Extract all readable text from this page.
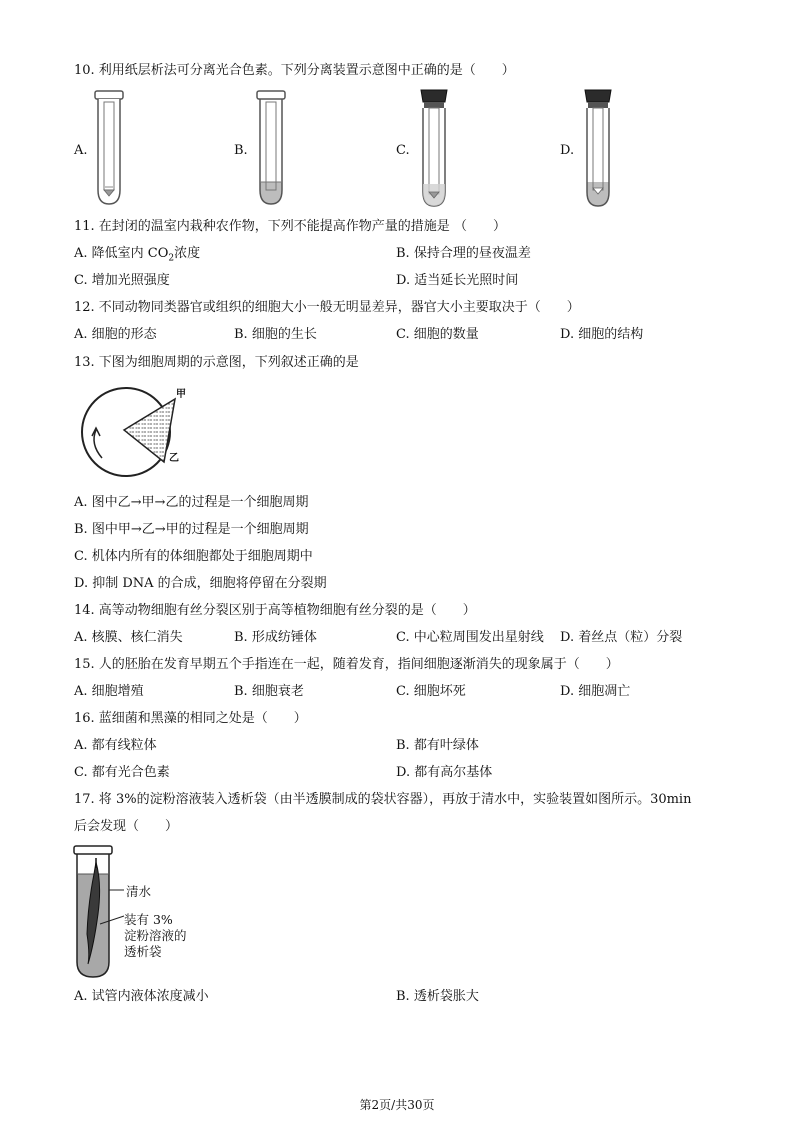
10. 利用纸层析法可分离光合色素。下列分离装置示意图中正确的是（　　）
A.	B.	C.	D.
11. 在封闭的温室内栽种农作物，下列不能提高作物产量的措施是 （　　）
A. 降低室内 $CO_2$浓度	B. 保持合理的昼夜温差
C. 增加光照强度	D. 适当延长光照时间
12. 不同动物同类器官或组织的细胞大小一般无明显差异，器官大小主要取决于（　　）
A. 细胞的形态	B. 细胞的生长	C. 细胞的数量	D. 细胞的结构
13. 下图为细胞周期的示意图，下列叙述正确的是
甲
乙
A. 图中乙→甲→乙的过程是一个细胞周期
B. 图中甲→乙→甲的过程是一个细胞周期
C. 机体内所有的体细胞都处于细胞周期中
D. 抑制 DNA 的合成，细胞将停留在分裂期
14. 高等动物细胞有丝分裂区别于高等植物细胞有丝分裂的是（　　）
A. 核膜、核仁消失	B. 形成纺锤体	C. 中心粒周围发出星射线 D. 着丝点（粒）分裂
15. 人的胚胎在发育早期五个手指连在一起，随着发育，指间细胞逐渐消失的现象属于（　　）
A. 细胞增殖	B. 细胞衰老	C. 细胞坏死	D. 细胞凋亡
16. 蓝细菌和黑藻的相同之处是（　　）
A. 都有线粒体	B. 都有叶绿体
C. 都有光合色素	D. 都有高尔基体
17. 将 3%的淀粉溶液装入透析袋（由半透膜制成的袋状容器），再放于清水中，实验装置如图所示。30min
后会发现（　　）
清水
装有 3%
淀粉溶液的
透析袋
A. 试管内液体浓度减小	B. 透析袋胀大
第2页/共30页
